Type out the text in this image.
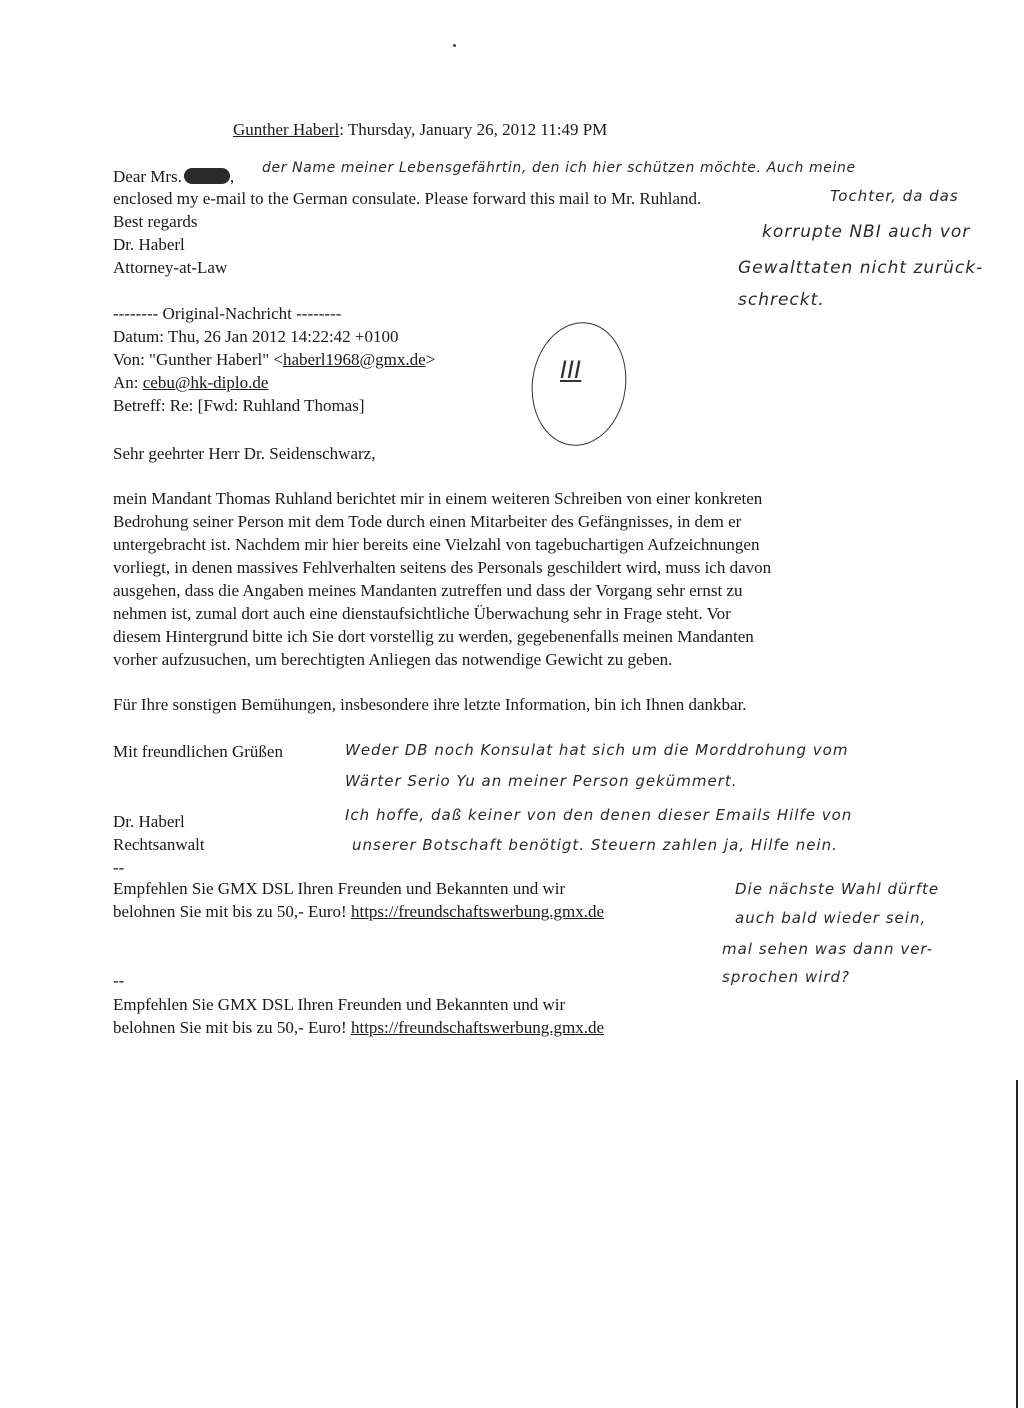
Gunther Haberl: Thursday, January 26, 2012 11:49 PM
Dear Mrs.	,
enclosed my e-mail to the German consulate. Please forward this mail to Mr. Ruhland.
Best regards
Dr. Haberl
Attorney-at-Law
-------- Original-Nachricht --------
Datum: Thu, 26 Jan 2012 14:22:42 +0100
Von: "Gunther Haberl" <haberl1968@gmx.de>
An: cebu@hk-diplo.de
Betreff: Re: [Fwd: Ruhland Thomas]
III
Sehr geehrter Herr Dr. Seidenschwarz,
mein Mandant Thomas Ruhland berichtet mir in einem weiteren Schreiben von einer konkreten
Bedrohung seiner Person mit dem Tode durch einen Mitarbeiter des Gefängnisses, in dem er
untergebracht ist. Nachdem mir hier bereits eine Vielzahl von tagebuchartigen Aufzeichnungen
vorliegt, in denen massives Fehlverhalten seitens des Personals geschildert wird, muss ich davon
ausgehen, dass die Angaben meines Mandanten zutreffen und dass der Vorgang sehr ernst zu
nehmen ist, zumal dort auch eine dienstaufsichtliche Überwachung sehr in Frage steht. Vor
diesem Hintergrund bitte ich Sie dort vorstellig zu werden, gegebenenfalls meinen Mandanten
vorher aufzusuchen, um berechtigten Anliegen das notwendige Gewicht zu geben.
Für Ihre sonstigen Bemühungen, insbesondere ihre letzte Information, bin ich Ihnen dankbar.
Mit freundlichen Grüßen
Dr. Haberl
Rechtsanwalt
--
Empfehlen Sie GMX DSL Ihren Freunden und Bekannten und wir
belohnen Sie mit bis zu 50,- Euro! https://freundschaftswerbung.gmx.de
--
Empfehlen Sie GMX DSL Ihren Freunden und Bekannten und wir
belohnen Sie mit bis zu 50,- Euro! https://freundschaftswerbung.gmx.de
der Name meiner Lebensgefährtin, den ich hier schützen möchte. Auch meine
Tochter, da das
korrupte NBI auch vor
Gewalttaten nicht zurück-
schreckt.
Weder DB noch Konsulat hat sich um die Morddrohung vom
Wärter Serio Yu an meiner Person gekümmert.
Ich hoffe, daß keiner von den denen dieser Emails Hilfe von
unserer Botschaft benötigt. Steuern zahlen ja, Hilfe nein.
Die nächste Wahl dürfte
auch bald wieder sein,
mal sehen was dann ver-
sprochen wird?
